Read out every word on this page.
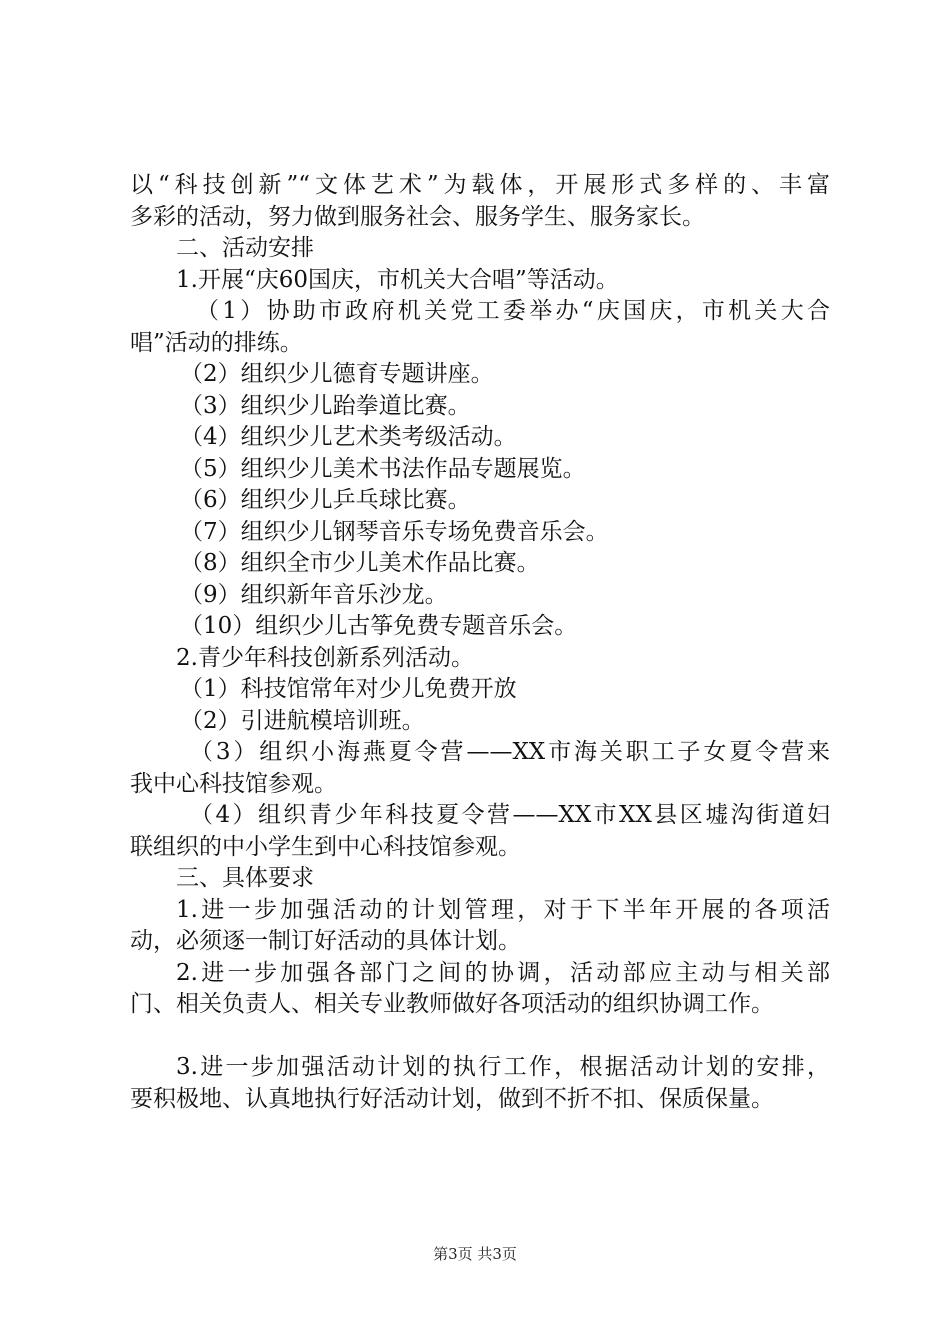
以“科技创新”“文体艺术”为载体，开展形式多样的、丰富
多彩的活动，努力做到服务社会、服务学生、服务家长。
二、活动安排
1.开展“庆60国庆，市机关大合唱”等活动。
（1）协助市政府机关党工委举办“庆国庆，市机关大合
唱”活动的排练。
（2）组织少儿德育专题讲座。
（3）组织少儿跆拳道比赛。
（4）组织少儿艺术类考级活动。
（5）组织少儿美术书法作品专题展览。
（6）组织少儿乒乓球比赛。
（7）组织少儿钢琴音乐专场免费音乐会。
（8）组织全市少儿美术作品比赛。
（9）组织新年音乐沙龙。
（10）组织少儿古筝免费专题音乐会。
2.青少年科技创新系列活动。
（1）科技馆常年对少儿免费开放
（2）引进航模培训班。
（3）组织小海燕夏令营——XX市海关职工子女夏令营来
我中心科技馆参观。
（4）组织青少年科技夏令营——XX市XX县区墟沟街道妇
联组织的中小学生到中心科技馆参观。
三、具体要求
1.进一步加强活动的计划管理，对于下半年开展的各项活
动，必须逐一制订好活动的具体计划。
2.进一步加强各部门之间的协调，活动部应主动与相关部
门、相关负责人、相关专业教师做好各项活动的组织协调工作。
3.进一步加强活动计划的执行工作，根据活动计划的安排，
要积极地、认真地执行好活动计划，做到不折不扣、保质保量。
第3页 共3页
